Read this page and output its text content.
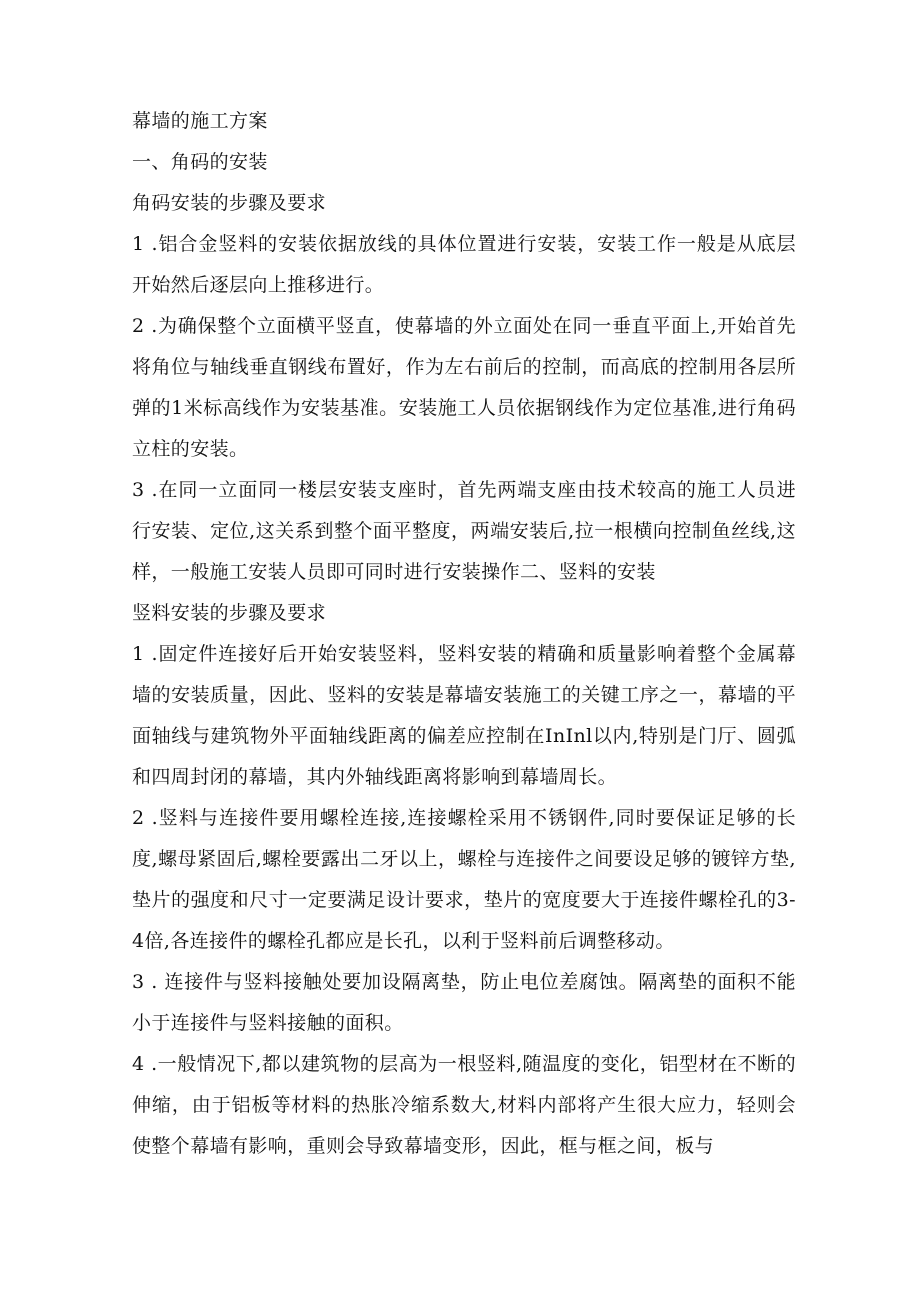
幕墙的施工方案

一、角码的安装

角码安装的步骤及要求

1 .铝合金竖料的安装依据放线的具体位置进行安装，安装工作一般是从底层开始然后逐层向上推移进行。

2 .为确保整个立面横平竖直，使幕墙的外立面处在同一垂直平面上,开始首先将角位与轴线垂直钢线布置好，作为左右前后的控制，而高底的控制用各层所弹的1米标高线作为安装基准。安装施工人员依据钢线作为定位基准,进行角码立柱的安装。

3 .在同一立面同一楼层安装支座时，首先两端支座由技术较高的施工人员进行安装、定位,这关系到整个面平整度，两端安装后,拉一根横向控制鱼丝线,这样，一般施工安装人员即可同时进行安装操作二、竖料的安装

竖料安装的步骤及要求

1 .固定件连接好后开始安装竖料，竖料安装的精确和质量影响着整个金属幕墙的安装质量，因此、竖料的安装是幕墙安装施工的关键工序之一，幕墙的平面轴线与建筑物外平面轴线距离的偏差应控制在InInl以内,特别是门厅、圆弧和四周封闭的幕墙，其内外轴线距离将影响到幕墙周长。

2 .竖料与连接件要用螺栓连接,连接螺栓采用不锈钢件,同时要保证足够的长度,螺母紧固后,螺栓要露出二牙以上，螺栓与连接件之间要设足够的镀锌方垫,垫片的强度和尺寸一定要满足设计要求，垫片的宽度要大于连接件螺栓孔的3-4倍,各连接件的螺栓孔都应是长孔，以利于竖料前后调整移动。

3 . 连接件与竖料接触处要加设隔离垫，防止电位差腐蚀。隔离垫的面积不能小于连接件与竖料接触的面积。

4 .一般情况下,都以建筑物的层高为一根竖料,随温度的变化，铝型材在不断的伸缩，由于铝板等材料的热胀冷缩系数大,材料内部将产生很大应力，轻则会使整个幕墙有影响，重则会导致幕墙变形，因此，框与框之间，板与
